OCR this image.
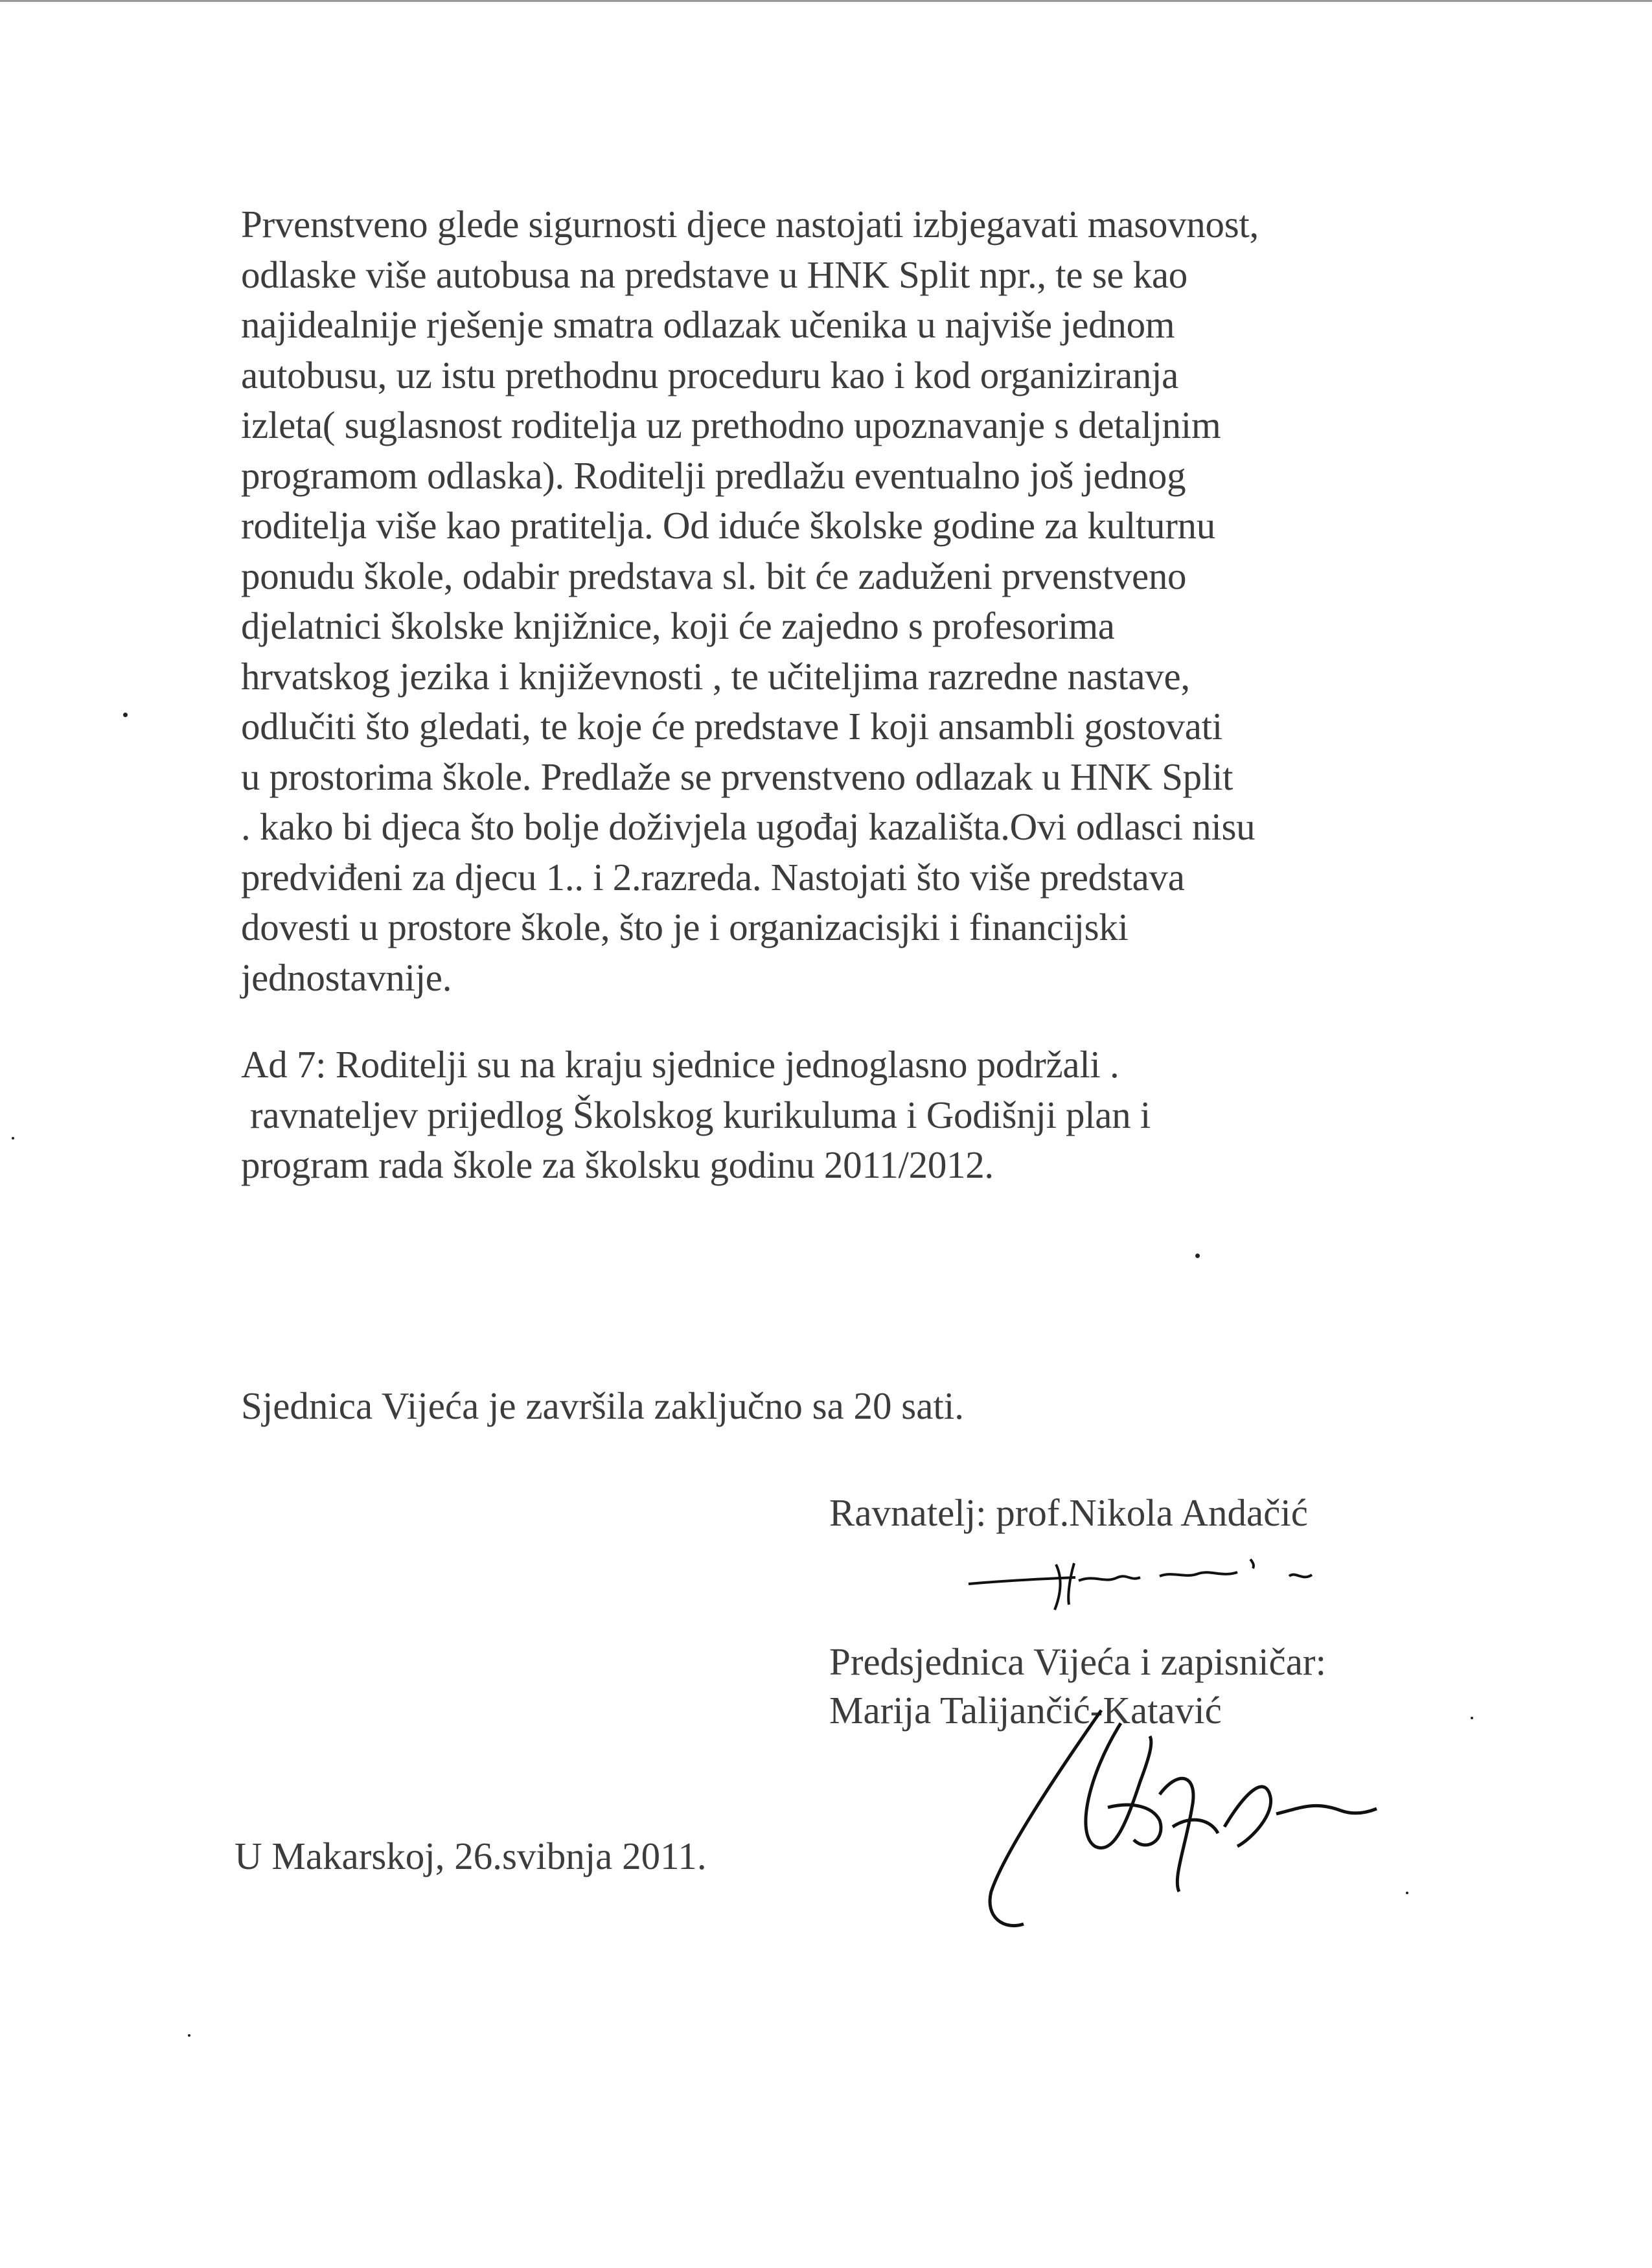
Prvenstveno glede sigurnosti djece nastojati izbjegavati masovnost,
odlaske više autobusa na predstave u HNK Split npr., te se kao
najidealnije rješenje smatra odlazak učenika u najviše jednom
autobusu, uz istu prethodnu proceduru kao i kod organiziranja
izleta( suglasnost roditelja uz prethodno upoznavanje s detaljnim
programom odlaska). Roditelji predlažu eventualno još jednog
roditelja više kao pratitelja. Od iduće školske godine za kulturnu
ponudu škole, odabir predstava sl. bit će zaduženi prvenstveno
djelatnici školske knjižnice, koji će zajedno s profesorima
hrvatskog jezika i književnosti , te učiteljima razredne nastave,
odlučiti što gledati, te koje će predstave I koji ansambli gostovati
u prostorima škole. Predlaže se prvenstveno odlazak u HNK Split
. kako bi djeca što bolje doživjela ugođaj kazališta.Ovi odlasci nisu
predviđeni za djecu 1.. i 2.razreda. Nastojati što više predstava
dovesti u prostore škole, što je i organizacisjki i financijski
jednostavnije.
Ad 7: Roditelji su na kraju sjednice jednoglasno podržali .
ravnateljev prijedlog Školskog kurikuluma i Godišnji plan i
program rada škole za školsku godinu 2011/2012.
Sjednica Vijeća je završila zaključno sa 20 sati.
Ravnatelj: prof.Nikola Andačić
Predsjednica Vijeća i zapisničar:
Marija Talijančić-Katavić
U Makarskoj, 26.svibnja 2011.
